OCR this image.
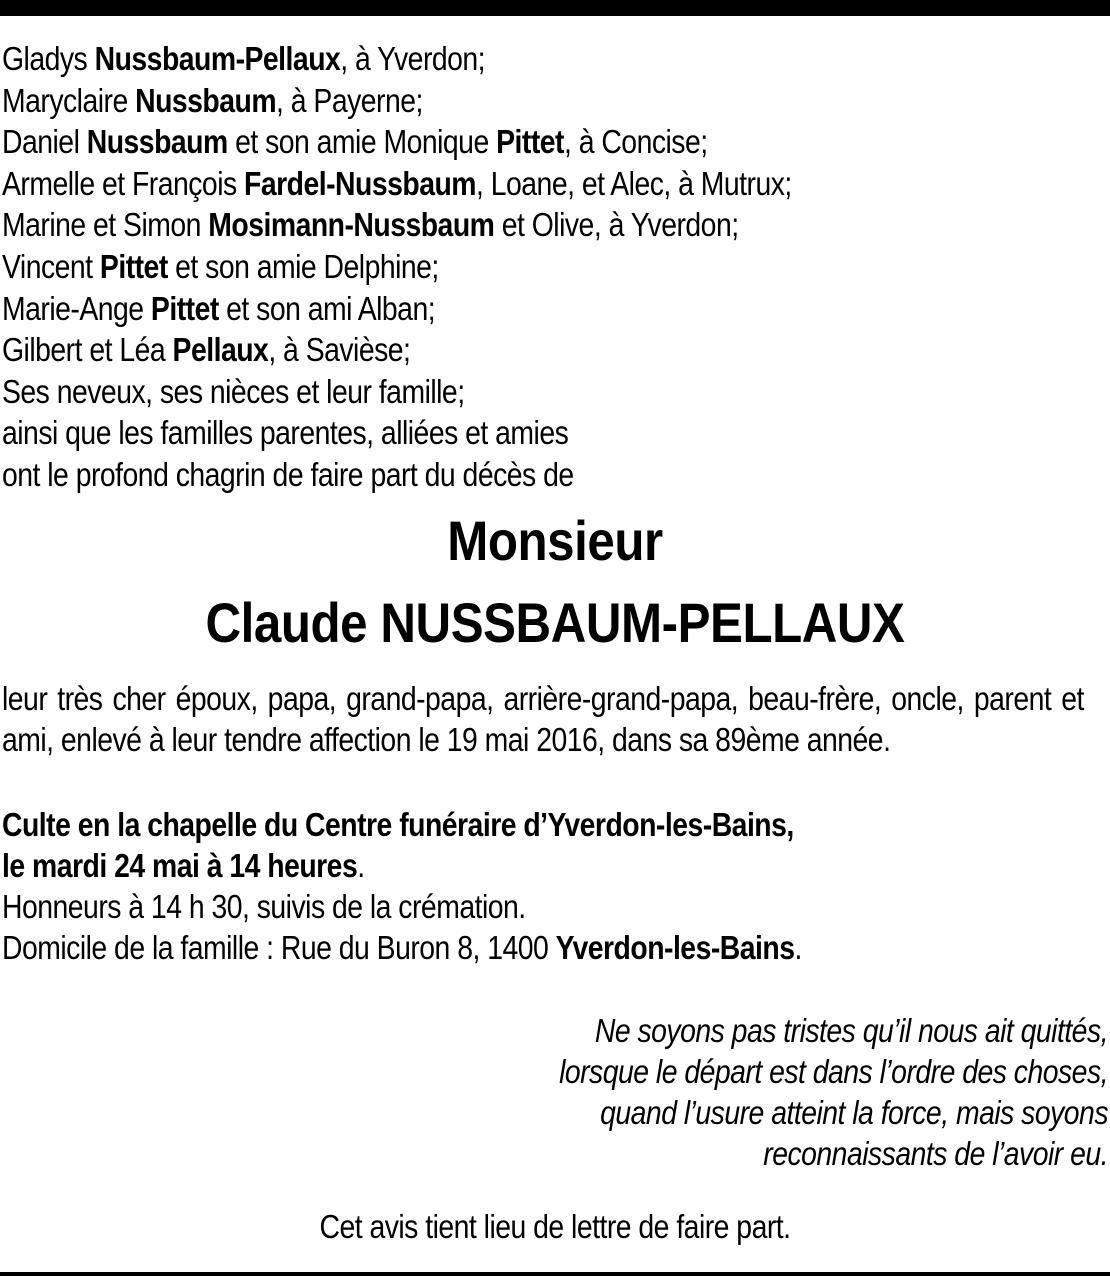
Gladys Nussbaum-Pellaux, à Yverdon;
Maryclaire Nussbaum, à Payerne;
Daniel Nussbaum et son amie Monique Pittet, à Concise;
Armelle et François Fardel-Nussbaum, Loane, et Alec, à Mutrux;
Marine et Simon Mosimann-Nussbaum et Olive, à Yverdon;
Vincent Pittet et son amie Delphine;
Marie-Ange Pittet et son ami Alban;
Gilbert et Léa Pellaux, à Savièse;
Ses neveux, ses nièces et leur famille;
ainsi que les familles parentes, alliées et amies
ont le profond chagrin de faire part du décès de
Monsieur
Claude NUSSBAUM-PELLAUX
leur très cher époux, papa, grand-papa, arrière-grand-papa, beau-frère, oncle, parent et ami, enlevé à leur tendre affection le 19 mai 2016, dans sa 89ème année.
Culte en la chapelle du Centre funéraire d’Yverdon-les-Bains,
le mardi 24 mai à 14 heures.
Honneurs à 14 h 30, suivis de la crémation.
Domicile de la famille : Rue du Buron 8, 1400 Yverdon-les-Bains.
Ne soyons pas tristes qu’il nous ait quittés,
lorsque le départ est dans l’ordre des choses,
quand l’usure atteint la force, mais soyons
reconnaissants de l’avoir eu.
Cet avis tient lieu de lettre de faire part.
